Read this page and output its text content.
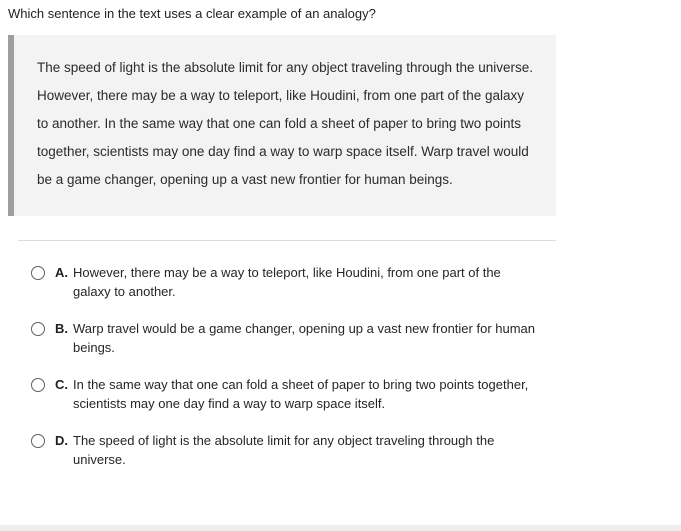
Which sentence in the text uses a clear example of an analogy?

The speed of light is the absolute limit for any object traveling through the universe. However, there may be a way to teleport, like Houdini, from one part of the galaxy to another. In the same way that one can fold a sheet of paper to bring two points together, scientists may one day find a way to warp space itself. Warp travel would be a game changer, opening up a vast new frontier for human beings.
A. However, there may be a way to teleport, like Houdini, from one part of the galaxy to another.
B. Warp travel would be a game changer, opening up a vast new frontier for human beings.
C. In the same way that one can fold a sheet of paper to bring two points together, scientists may one day find a way to warp space itself.
D. The speed of light is the absolute limit for any object traveling through the universe.
